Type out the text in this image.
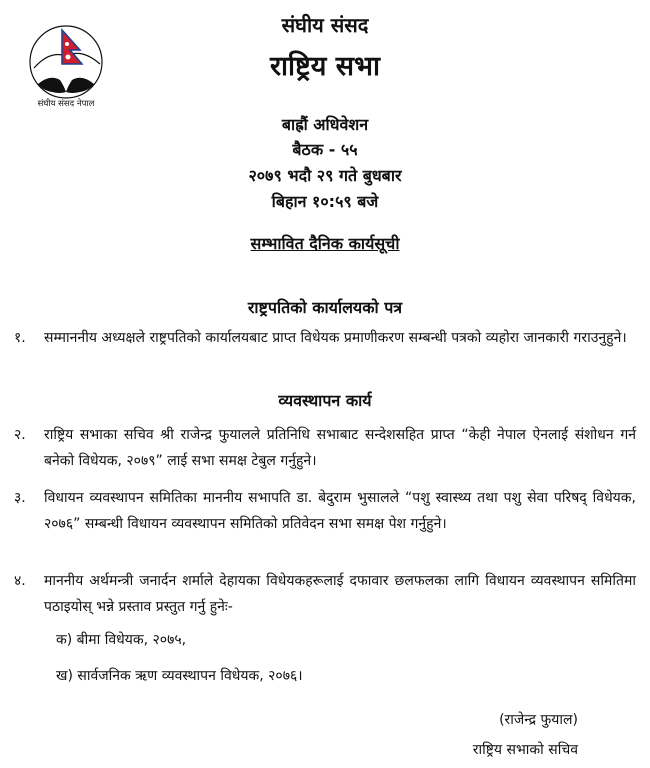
संघीय संसद नेपाल
संघीय संसद
राष्ट्रिय सभा
बाह्रौं अधिवेशन
बैठक - ५५
२०७९ भदौ २९ गते बुधबार
बिहान १०:५९ बजे
सम्भावित दैनिक कार्यसूची
राष्ट्रपतिको कार्यालयको पत्र
१.	सम्माननीय अध्यक्षले राष्ट्रपतिको कार्यालयबाट प्राप्त विधेयक प्रमाणीकरण सम्बन्धी पत्रको व्यहोरा जानकारी गराउनुहुने।
व्यवस्थापन कार्य
२.	राष्ट्रिय सभाका सचिव श्री राजेन्द्र फुयालले प्रतिनिधि सभाबाट सन्देशसहित प्राप्त “केही नेपाल ऐनलाई संशोधन गर्न बनेको विधेयक, २०७९” लाई सभा समक्ष टेबुल गर्नुहुने।
३.	विधायन व्यवस्थापन समितिका माननीय सभापति डा. बेदुराम भुसालले “पशु स्वास्थ्य तथा पशु सेवा परिषद् विधेयक, २०७६” सम्बन्धी विधायन व्यवस्थापन समितिको प्रतिवेदन सभा समक्ष पेश गर्नुहुने।
४.	माननीय अर्थमन्त्री जनार्दन शर्माले देहायका विधेयकहरूलाई दफावार छलफलका लागि विधायन व्यवस्थापन समितिमा पठाइयोस् भन्ने प्रस्ताव प्रस्तुत गर्नु हुनेः-
क) बीमा विधेयक, २०७५,
ख) सार्वजनिक ऋण व्यवस्थापन विधेयक, २०७६।
(राजेन्द्र फुयाल)
राष्ट्रिय सभाको सचिव
